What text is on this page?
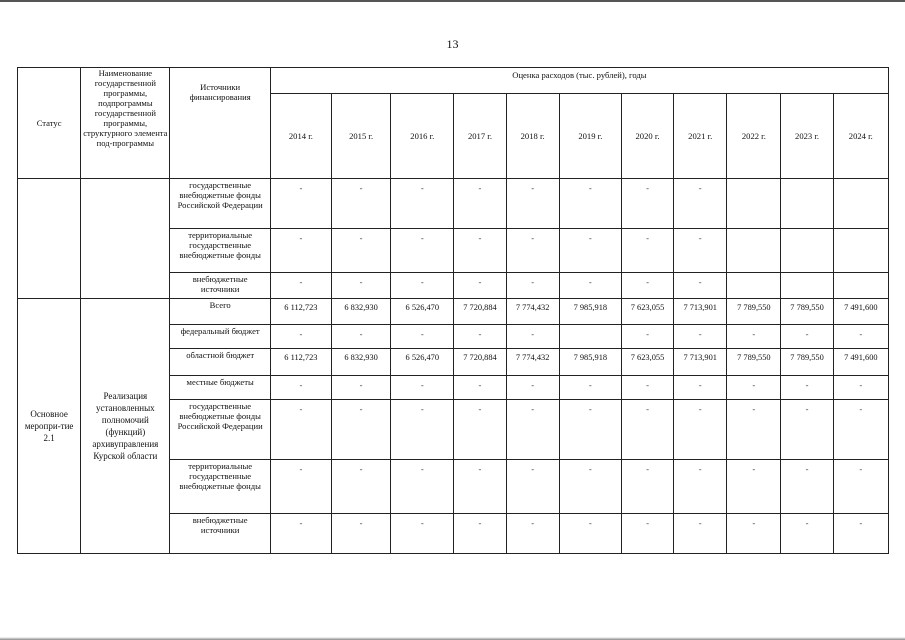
13
Статус	Наименование государственной программы, подпрограммы государственной программы, структурного элемента под-программы	Источники финансирования	Оценка расходов (тыс. рублей), годы										
			2014 г.	2015 г.	2016 г.	2017 г.	2018 г.	2019 г.	2020 г.	2021 г.	2022 г.	2023 г.	2024 г.
		государственные внебюджетные фонды Российской Федерации	-	-	-	-	-	-	-	-			
		территориальные государственные внебюджетные фонды	-	-	-	-	-	-	-	-			
		внебюджетные источники	-	-	-	-	-	-	-	-			
Основное меропри-тие 2.1	Реализация установленных полномочий (функций) архивуправления Курской области	Всего	6 112,723	6 832,930	6 526,470	7 720,884	7 774,432	7 985,918	7 623,055	7 713,901	7 789,550	7 789,550	7 491,600
		федеральный бюджет	-	-	-	-	-		-	-	-	-	-
		областной бюджет	6 112,723	6 832,930	6 526,470	7 720,884	7 774,432	7 985,918	7 623,055	7 713,901	7 789,550	7 789,550	7 491,600
		местные бюджеты	-	-	-	-	-	-	-	-	-	-	-
		государственные внебюджетные фонды Российской Федерации	-	-	-	-	-	-	-	-	-	-	-
		территориальные государственные внебюджетные фонды	-	-	-	-	-	-	-	-	-	-	-
		внебюджетные источники	-	-	-	-	-	-	-	-	-	-	-
